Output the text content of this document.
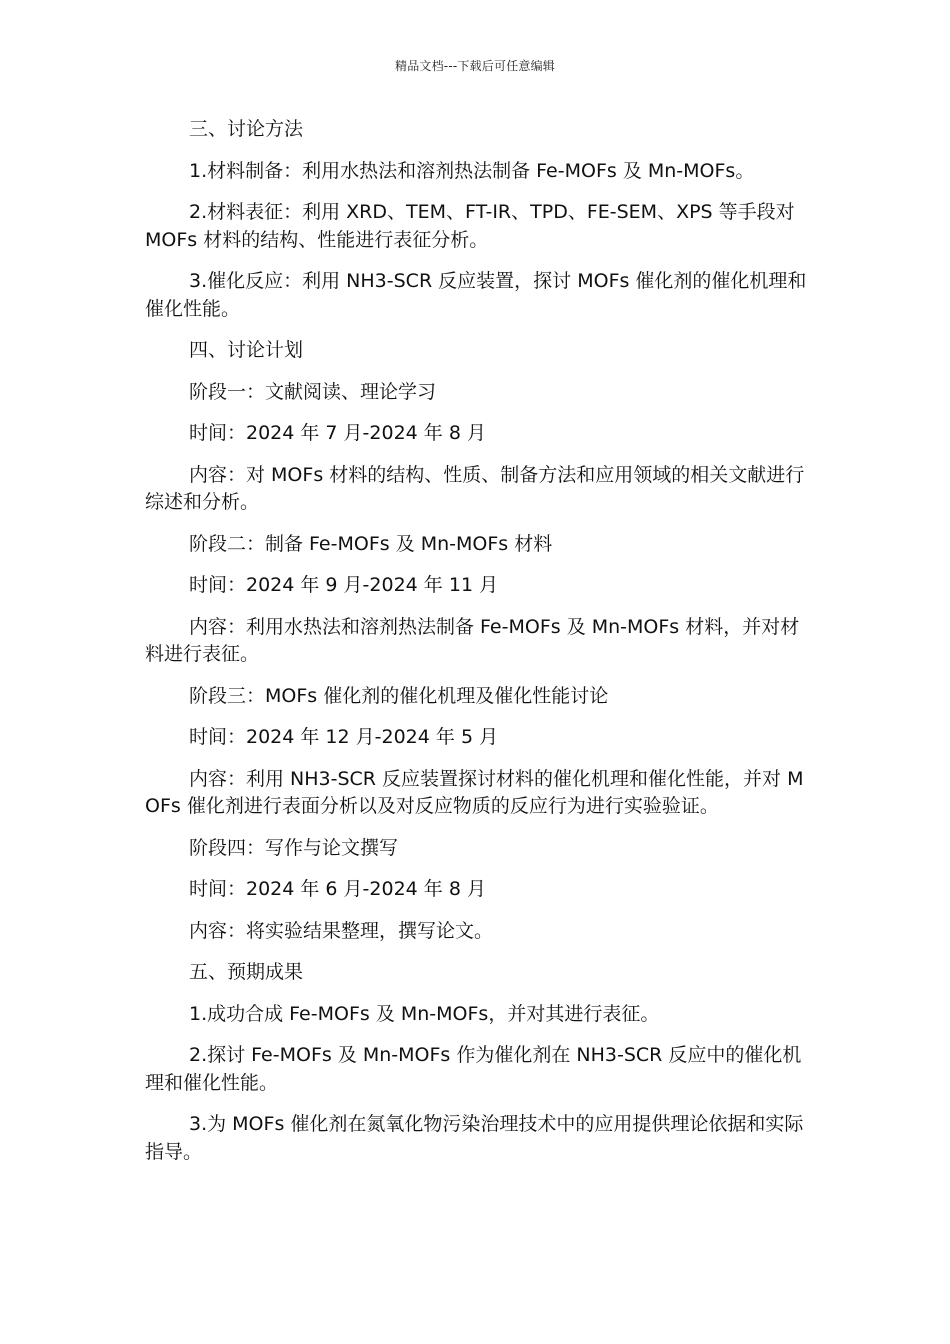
精品文档---下载后可任意编辑

三、讨论方法

1.材料制备：利用水热法和溶剂热法制备 Fe-MOFs 及 Mn-MOFs。

2.材料表征：利用 XRD、TEM、FT-IR、TPD、FE-SEM、XPS 等手段对 MOFs 材料的结构、性能进行表征分析。

3.催化反应：利用 NH3-SCR 反应装置，探讨 MOFs 催化剂的催化机理和催化性能。

四、讨论计划

阶段一：文献阅读、理论学习

时间：2024 年 7 月-2024 年 8 月

内容：对 MOFs 材料的结构、性质、制备方法和应用领域的相关文献进行综述和分析。

阶段二：制备 Fe-MOFs 及 Mn-MOFs 材料

时间：2024 年 9 月-2024 年 11 月

内容：利用水热法和溶剂热法制备 Fe-MOFs 及 Mn-MOFs 材料，并对材料进行表征。

阶段三：MOFs 催化剂的催化机理及催化性能讨论

时间：2024 年 12 月-2024 年 5 月

内容：利用 NH3-SCR 反应装置探讨材料的催化机理和催化性能，并对 MOFs 催化剂进行表面分析以及对反应物质的反应行为进行实验验证。

阶段四：写作与论文撰写

时间：2024 年 6 月-2024 年 8 月

内容：将实验结果整理，撰写论文。

五、预期成果

1.成功合成 Fe-MOFs 及 Mn-MOFs，并对其进行表征。

2.探讨 Fe-MOFs 及 Mn-MOFs 作为催化剂在 NH3-SCR 反应中的催化机理和催化性能。

3.为 MOFs 催化剂在氮氧化物污染治理技术中的应用提供理论依据和实际指导。
